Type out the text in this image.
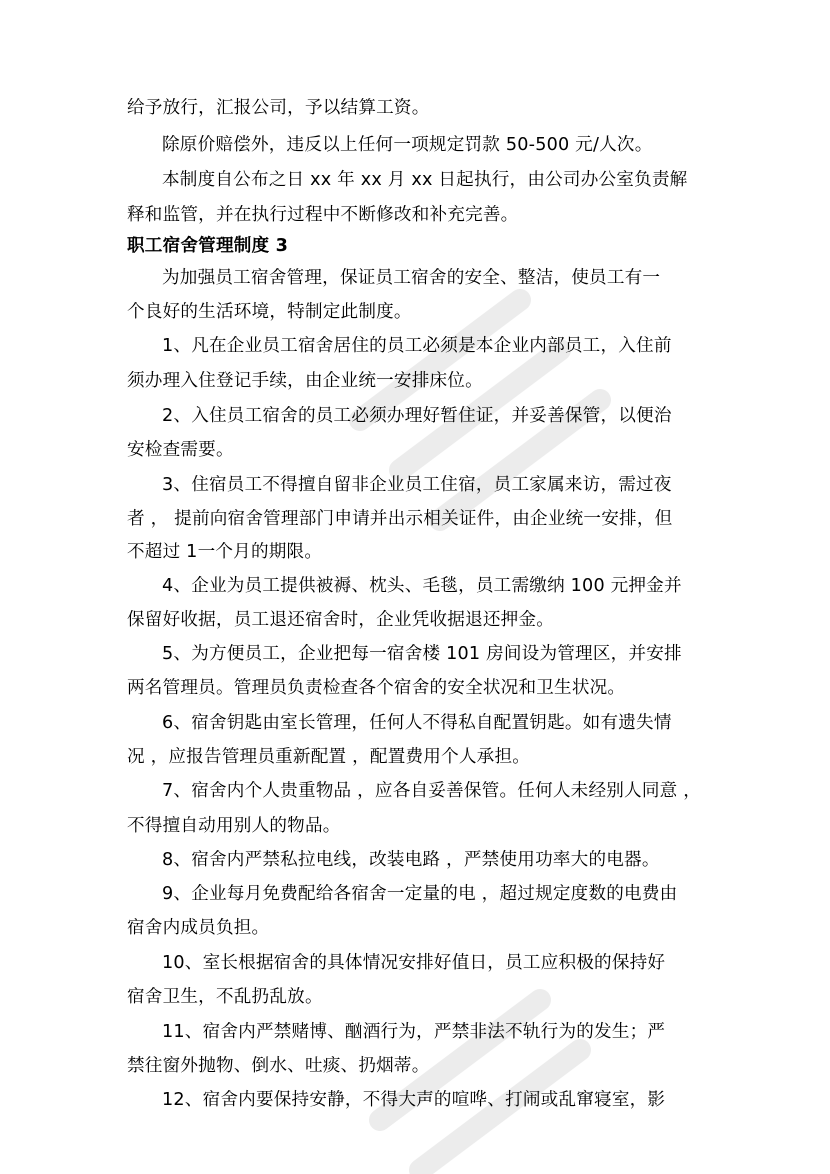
给予放行，汇报公司，予以结算工资。
除原价赔偿外，违反以上任何一项规定罚款 50-500 元/人次。
本制度自公布之日 xx 年 xx 月 xx 日起执行，由公司办公室负责解
释和监管，并在执行过程中不断修改和补充完善。
职工宿舍管理制度 3
为加强员工宿舍管理，保证员工宿舍的安全、整洁，使员工有一
个良好的生活环境，特制定此制度。
1、凡在企业员工宿舍居住的员工必须是本企业内部员工，入住前
须办理入住登记手续，由企业统一安排床位。
2、入住员工宿舍的员工必须办理好暂住证，并妥善保管，以便治
安检查需要。
3、住宿员工不得擅自留非企业员工住宿，员工家属来访，需过夜
者 ， 提前向宿舍管理部门申请并出示相关证件，由企业统一安排，但
不超过 1一个月的期限。
4、企业为员工提供被褥、枕头、毛毯，员工需缴纳 100 元押金并
保留好收据，员工退还宿舍时，企业凭收据退还押金。
5、为方便员工，企业把每一宿舍楼 101 房间设为管理区，并安排
两名管理员。管理员负责检查各个宿舍的安全状况和卫生状况。
6、宿舍钥匙由室长管理，任何人不得私自配置钥匙。如有遗失情
况 ，应报告管理员重新配置 ，配置费用个人承担。
7、宿舍内个人贵重物品 ，应各自妥善保管。任何人未经别人同意 ，
不得擅自动用别人的物品。
8、宿舍内严禁私拉电线，改装电路 ，严禁使用功率大的电器。
9、企业每月免费配给各宿舍一定量的电 ，超过规定度数的电费由
宿舍内成员负担。
10、室长根据宿舍的具体情况安排好值日，员工应积极的保持好
宿舍卫生，不乱扔乱放。
11、宿舍内严禁赌博、酗酒行为，严禁非法不轨行为的发生；严
禁往窗外抛物、倒水、吐痰、扔烟蒂。
12、宿舍内要保持安静，不得大声的喧哗、打闹或乱窜寝室，影
